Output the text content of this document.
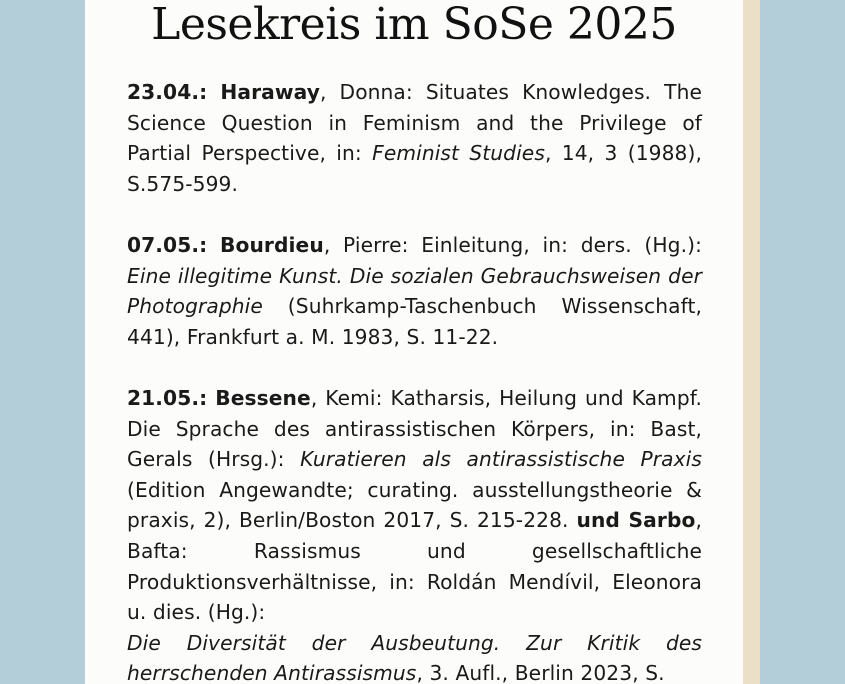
Lesekreis im SoSe 2025

23.04.: Haraway, Donna: Situates Knowledges. The Science Question in Feminism and the Privilege of Partial Perspective, in: Feminist Studies, 14, 3 (1988), S.575-599.

07.05.: Bourdieu, Pierre: Einleitung, in: ders. (Hg.): Eine illegitime Kunst. Die sozialen Gebrauchsweisen der Photographie (Suhrkamp-Taschenbuch Wissenschaft, 441), Frankfurt a. M. 1983, S. 11-22.

21.05.: Bessene, Kemi: Katharsis, Heilung und Kampf. Die Sprache des antirassistischen Körpers, in: Bast, Gerals (Hrsg.): Kuratieren als antirassistische Praxis (Edition Angewandte; curating. ausstellungstheorie & praxis, 2), Berlin/Boston 2017, S. 215-228. und Sarbo, Bafta: Rassismus und gesellschaftliche Produktionsverhältnisse, in: Roldán Mendívil, Eleonora u. dies. (Hg.):
Die Diversität der Ausbeutung. Zur Kritik des herrschenden Antirassismus, 3. Aufl., Berlin 2023, S.
